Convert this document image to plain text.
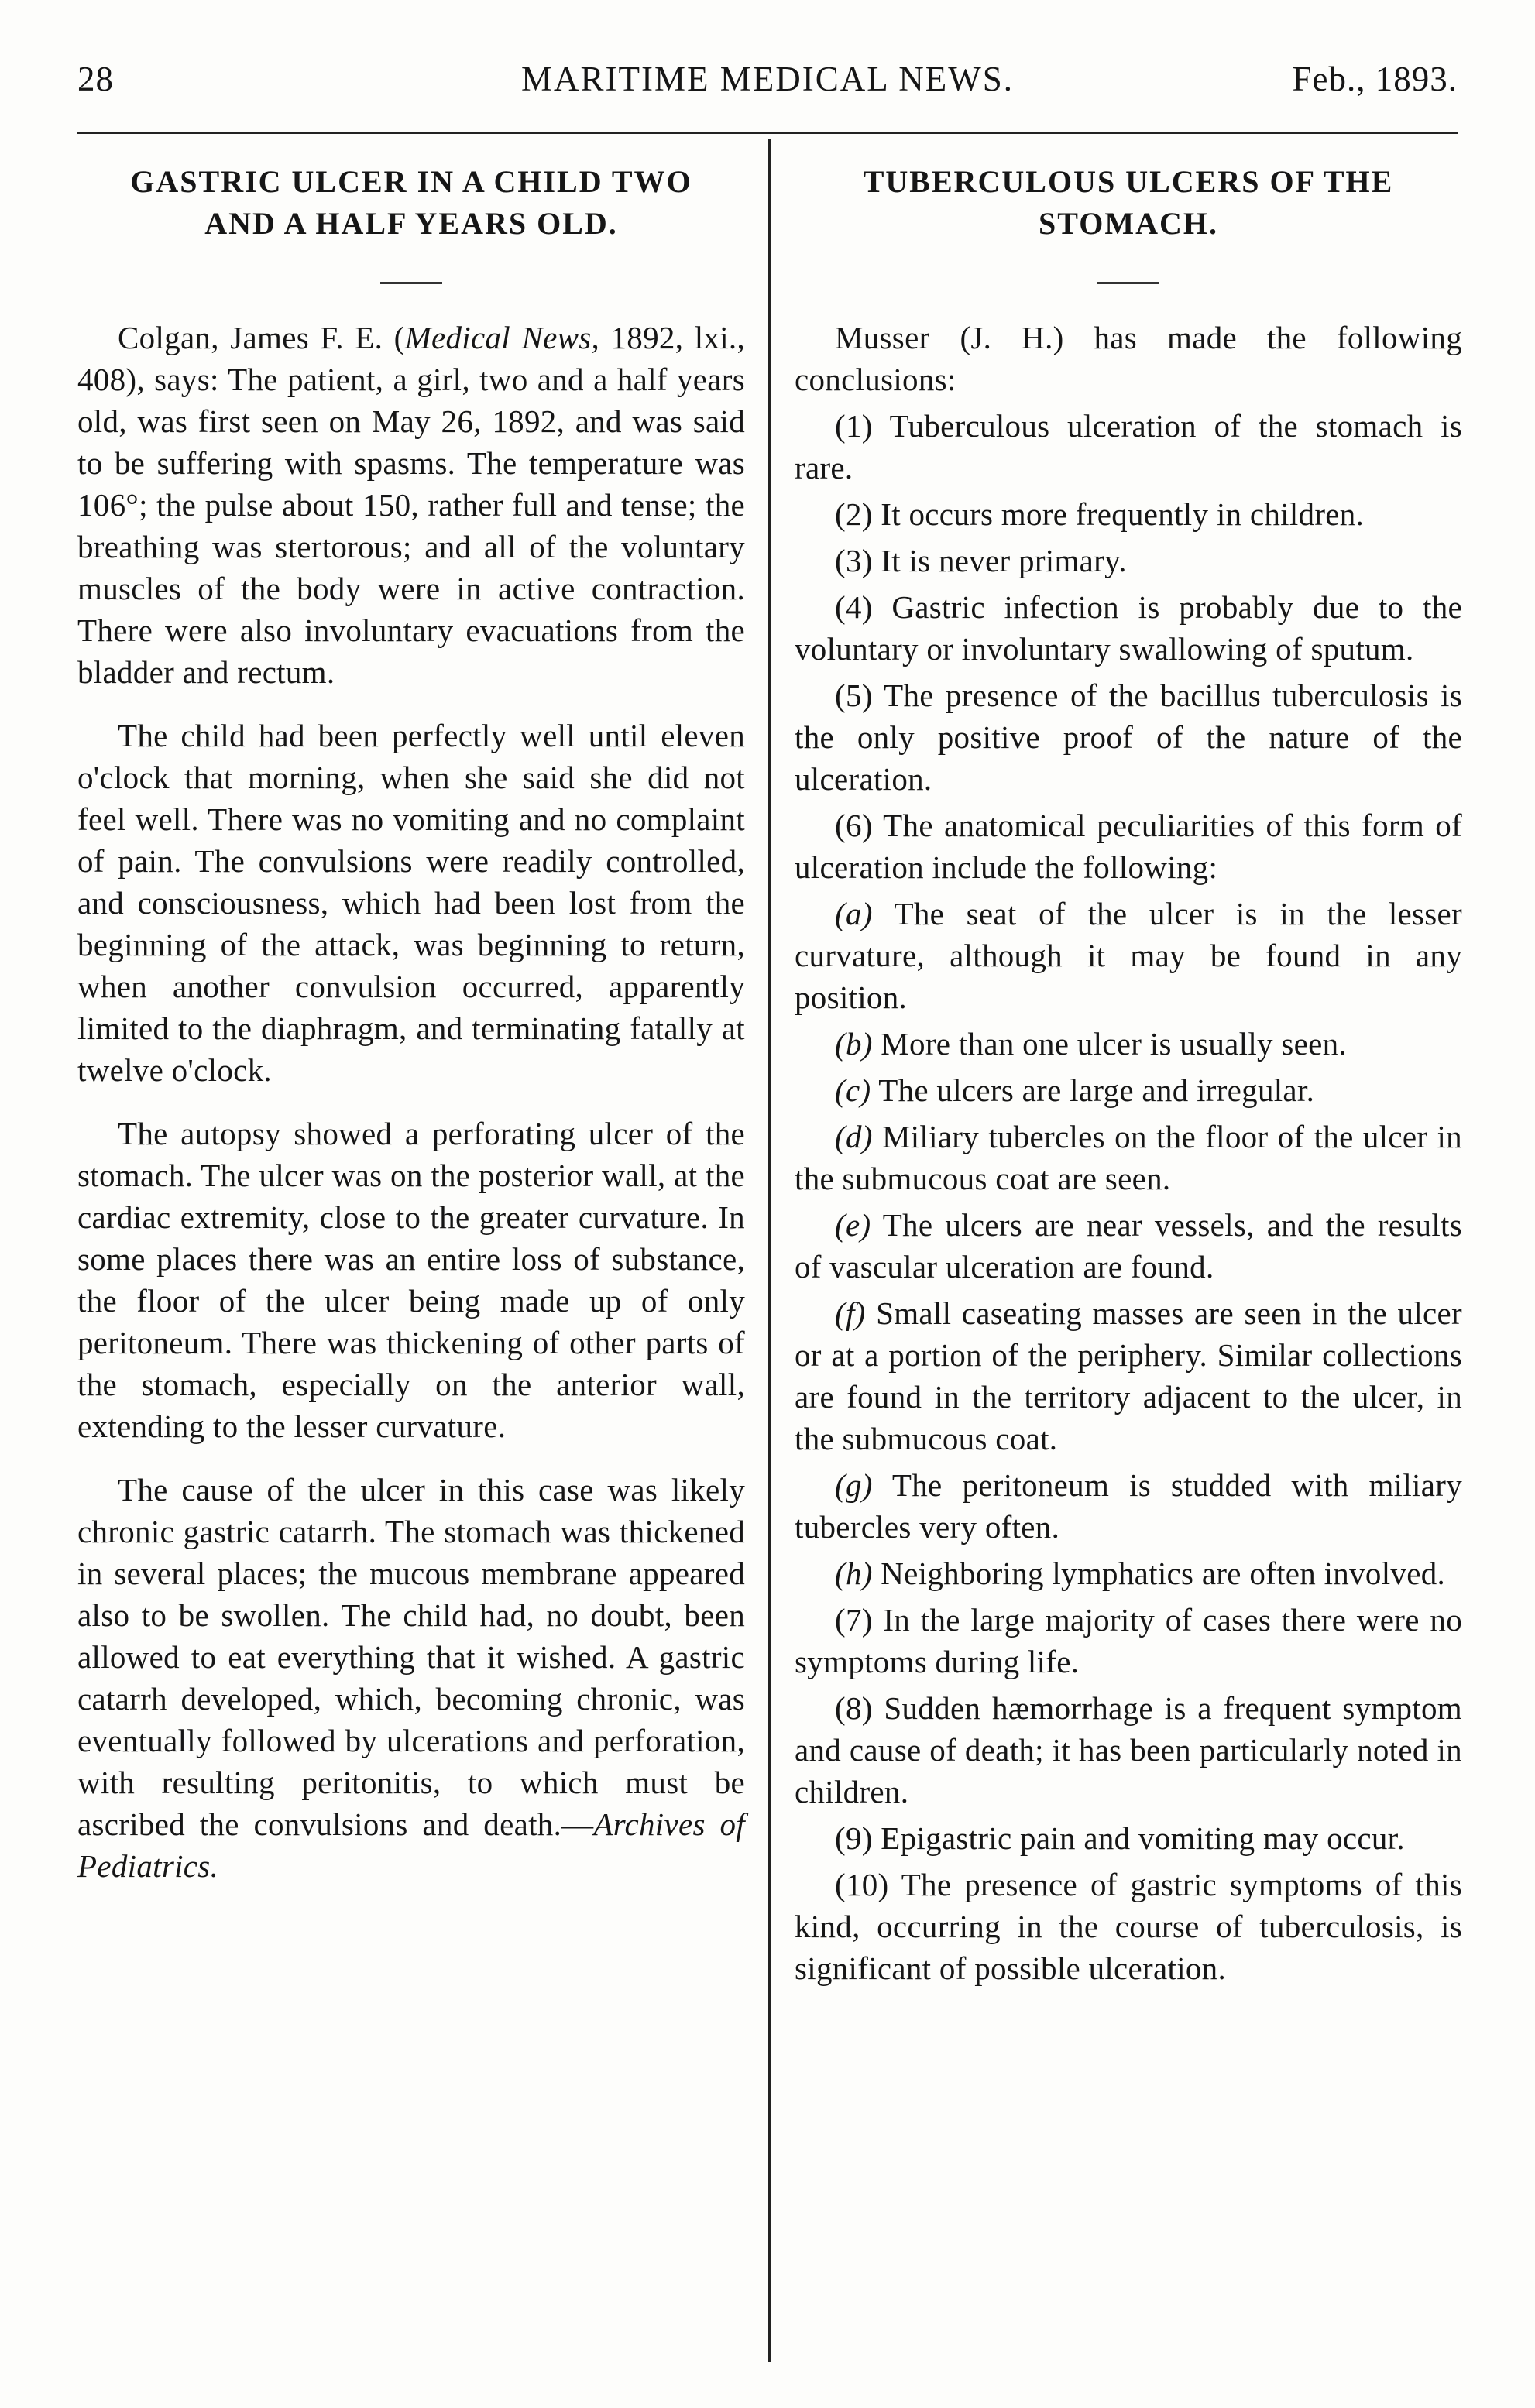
28	MARITIME MEDICAL NEWS.	Feb., 1893.
GASTRIC ULCER IN A CHILD TWO
AND A HALF YEARS OLD.

Colgan, James F. E. (Medical News, 1892, lxi., 408), says: The patient, a girl, two and a half years old, was first seen on May 26, 1892, and was said to be suffering with spasms. The temperature was 106°; the pulse about 150, rather full and tense; the breathing was stertorous; and all of the voluntary muscles of the body were in active contraction. There were also involuntary evacuations from the bladder and rectum.

The child had been perfectly well until eleven o'clock that morning, when she said she did not feel well. There was no vomiting and no complaint of pain. The convulsions were readily controlled, and consciousness, which had been lost from the beginning of the attack, was beginning to return, when another convulsion occurred, apparently limited to the diaphragm, and terminating fatally at twelve o'clock.

The autopsy showed a perforating ulcer of the stomach. The ulcer was on the posterior wall, at the cardiac extremity, close to the greater curvature. In some places there was an entire loss of substance, the floor of the ulcer being made up of only peritoneum. There was thickening of other parts of the stomach, especially on the anterior wall, extending to the lesser curvature.

The cause of the ulcer in this case was likely chronic gastric catarrh. The stomach was thickened in several places; the mucous membrane appeared also to be swollen. The child had, no doubt, been allowed to eat everything that it wished. A gastric catarrh developed, which, becoming chronic, was eventually followed by ulcerations and perforation, with resulting peritonitis, to which must be ascribed the convulsions and death.—Archives of Pediatrics.

TUBERCULOUS ULCERS OF THE
STOMACH.

Musser (J. H.) has made the following conclusions:

(1) Tuberculous ulceration of the stomach is rare.

(2) It occurs more frequently in children.

(3) It is never primary.

(4) Gastric infection is probably due to the voluntary or involuntary swallowing of sputum.

(5) The presence of the bacillus tuberculosis is the only positive proof of the nature of the ulceration.

(6) The anatomical peculiarities of this form of ulceration include the following:

(a) The seat of the ulcer is in the lesser curvature, although it may be found in any position.

(b) More than one ulcer is usually seen.

(c) The ulcers are large and irregular.

(d) Miliary tubercles on the floor of the ulcer in the submucous coat are seen.

(e) The ulcers are near vessels, and the results of vascular ulceration are found.

(f) Small caseating masses are seen in the ulcer or at a portion of the periphery. Similar collections are found in the territory adjacent to the ulcer, in the submucous coat.

(g) The peritoneum is studded with miliary tubercles very often.

(h) Neighboring lymphatics are often involved.

(7) In the large majority of cases there were no symptoms during life.

(8) Sudden hæmorrhage is a frequent symptom and cause of death; it has been particularly noted in children.

(9) Epigastric pain and vomiting may occur.

(10) The presence of gastric symptoms of this kind, occurring in the course of tuberculosis, is significant of possible ulceration.
